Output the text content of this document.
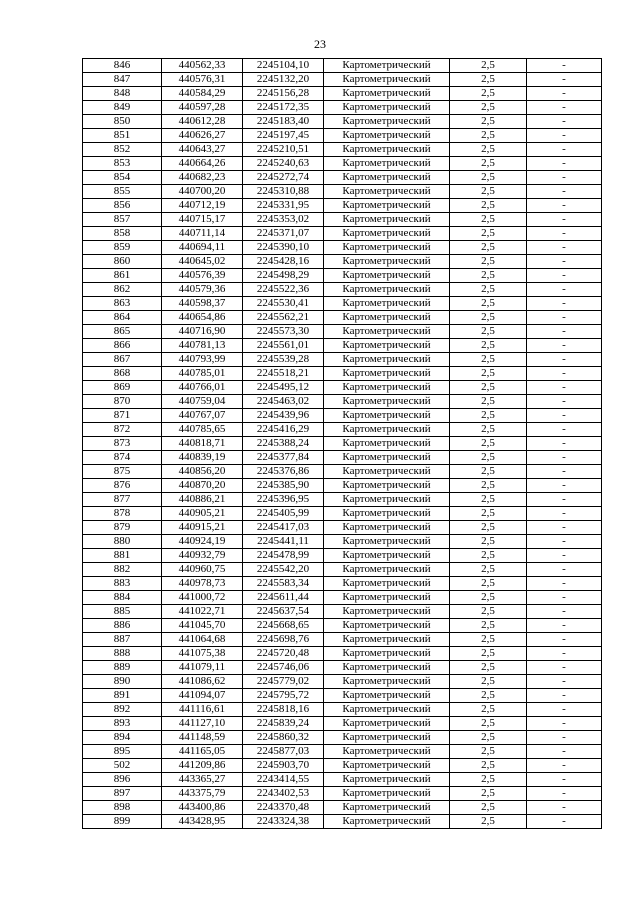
23
846	440562,33	2245104,10	Картометрический	2,5	-
847	440576,31	2245132,20	Картометрический	2,5	-
848	440584,29	2245156,28	Картометрический	2,5	-
849	440597,28	2245172,35	Картометрический	2,5	-
850	440612,28	2245183,40	Картометрический	2,5	-
851	440626,27	2245197,45	Картометрический	2,5	-
852	440643,27	2245210,51	Картометрический	2,5	-
853	440664,26	2245240,63	Картометрический	2,5	-
854	440682,23	2245272,74	Картометрический	2,5	-
855	440700,20	2245310,88	Картометрический	2,5	-
856	440712,19	2245331,95	Картометрический	2,5	-
857	440715,17	2245353,02	Картометрический	2,5	-
858	440711,14	2245371,07	Картометрический	2,5	-
859	440694,11	2245390,10	Картометрический	2,5	-
860	440645,02	2245428,16	Картометрический	2,5	-
861	440576,39	2245498,29	Картометрический	2,5	-
862	440579,36	2245522,36	Картометрический	2,5	-
863	440598,37	2245530,41	Картометрический	2,5	-
864	440654,86	2245562,21	Картометрический	2,5	-
865	440716,90	2245573,30	Картометрический	2,5	-
866	440781,13	2245561,01	Картометрический	2,5	-
867	440793,99	2245539,28	Картометрический	2,5	-
868	440785,01	2245518,21	Картометрический	2,5	-
869	440766,01	2245495,12	Картометрический	2,5	-
870	440759,04	2245463,02	Картометрический	2,5	-
871	440767,07	2245439,96	Картометрический	2,5	-
872	440785,65	2245416,29	Картометрический	2,5	-
873	440818,71	2245388,24	Картометрический	2,5	-
874	440839,19	2245377,84	Картометрический	2,5	-
875	440856,20	2245376,86	Картометрический	2,5	-
876	440870,20	2245385,90	Картометрический	2,5	-
877	440886,21	2245396,95	Картометрический	2,5	-
878	440905,21	2245405,99	Картометрический	2,5	-
879	440915,21	2245417,03	Картометрический	2,5	-
880	440924,19	2245441,11	Картометрический	2,5	-
881	440932,79	2245478,99	Картометрический	2,5	-
882	440960,75	2245542,20	Картометрический	2,5	-
883	440978,73	2245583,34	Картометрический	2,5	-
884	441000,72	2245611,44	Картометрический	2,5	-
885	441022,71	2245637,54	Картометрический	2,5	-
886	441045,70	2245668,65	Картометрический	2,5	-
887	441064,68	2245698,76	Картометрический	2,5	-
888	441075,38	2245720,48	Картометрический	2,5	-
889	441079,11	2245746,06	Картометрический	2,5	-
890	441086,62	2245779,02	Картометрический	2,5	-
891	441094,07	2245795,72	Картометрический	2,5	-
892	441116,61	2245818,16	Картометрический	2,5	-
893	441127,10	2245839,24	Картометрический	2,5	-
894	441148,59	2245860,32	Картометрический	2,5	-
895	441165,05	2245877,03	Картометрический	2,5	-
502	441209,86	2245903,70	Картометрический	2,5	-
896	443365,27	2243414,55	Картометрический	2,5	-
897	443375,79	2243402,53	Картометрический	2,5	-
898	443400,86	2243370,48	Картометрический	2,5	-
899	443428,95	2243324,38	Картометрический	2,5	-
